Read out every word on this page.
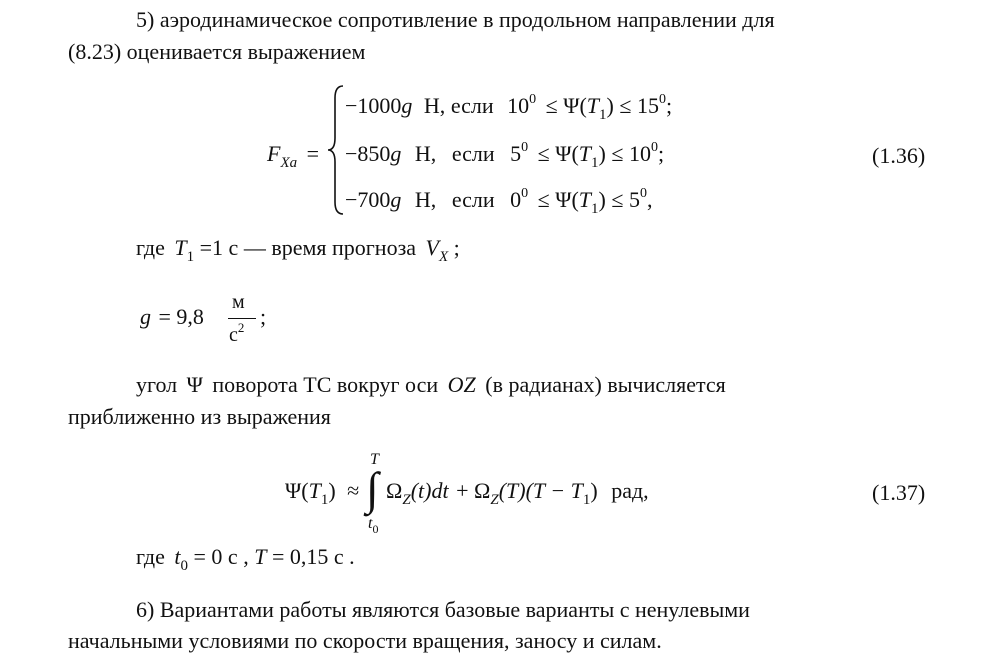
5) аэродинамическое сопротивление в продольном направлении для
(8.23) оценивается выражением
$F_{Xa}$ =
−1000g Н, если $10^0 \le \Psi(T_1) \le 15^0$;
−850g Н, если $5^0 \le \Psi(T_1) \le 10^0$;
−700g Н, если $0^0 \le \Psi(T_1) \le 5^0$,
(1.36)
где $T_1 =1$ с — время прогноза $V_X$ ;
g = 9,8
м
$с^2$ ;
угол Ψ поворота ТС вокруг оси OZ (в радианах) вычисляется
приближенно из выражения
$\Psi(T_1)$ ≈
T
∫
$t_0$
$\Omega_Z(t)dt + \Omega_Z(T)(T - T_1)$ рад,	(1.37)
где $t_0 = 0$ с , T = 0,15 с .
6) Вариантами работы являются базовые варианты с ненулевыми
начальными условиями по скорости вращения, заносу и силам.
